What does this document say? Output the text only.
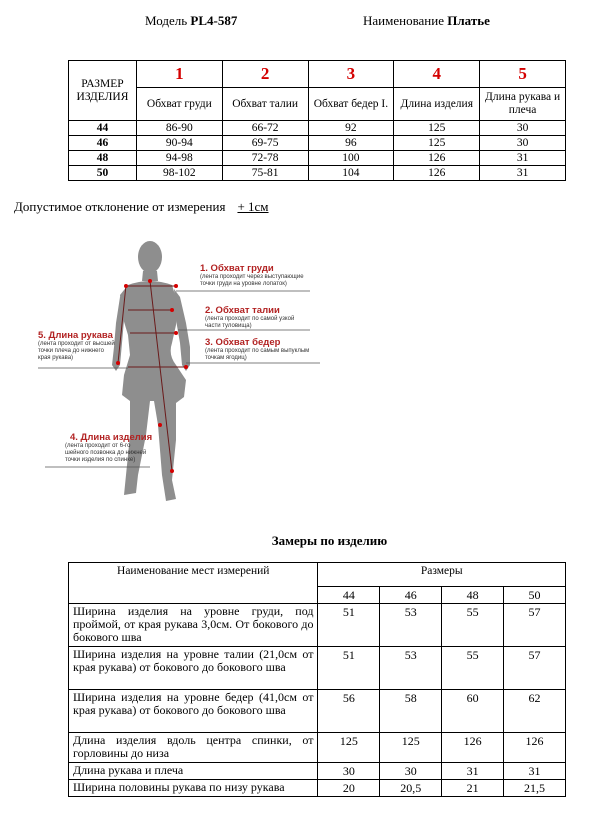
Модель PL4-587	Наименование Платье
РАЗМЕР ИЗДЕЛИЯ	1	2	3	4	5
	Обхват груди	Обхват талии	Обхват бедер I.	Длина изделия	Длина рукава и плеча
44	86-90	66-72	92	125	30
46	90-94	69-75	96	125	30
48	94-98	72-78	100	126	31
50	98-102	75-81	104	126	31
Допустимое отклонение от измерения + 1см
1. Обхват груди
(лента проходит через выступающие точки груди на уровне лопаток)
2. Обхват талии
(лента проходит по самой узкой части туловища)
3. Обхват бедер
(лента проходит по самым выпуклым точкам ягодиц)
4. Длина изделия
(лента проходит от 6-го шейного позвонка до нижней точки изделия по спинке)
5. Длина рукава
(лента проходит от высшей точки плеча до нижнего края рукава)
Замеры по изделию
Наименование мест измерений	Размеры			
	44	46	48	50
Ширина изделия на уровне груди, под проймой, от края рукава 3,0см. От бокового до бокового шва	51	53	55	57
Ширина изделия на уровне талии (21,0см от края рукава) от бокового до бокового шва	51	53	55	57
Ширина изделия на уровне бедер (41,0см от края рукава) от бокового до бокового шва	56	58	60	62
Длина изделия вдоль центра спинки, от горловины до низа	125	125	126	126
Длина рукава и плеча	30	30	31	31
Ширина половины рукава по низу рукава	20	20,5	21	21,5
